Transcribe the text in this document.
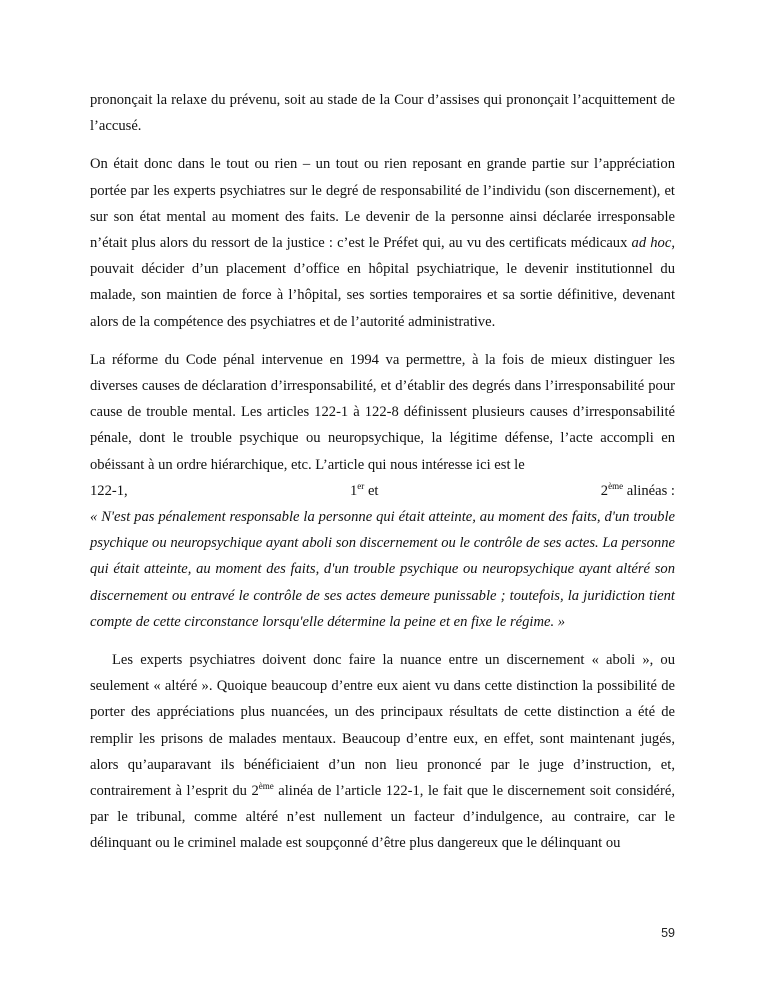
prononçait la relaxe du prévenu, soit au stade de la Cour d’assises qui prononçait l’acquittement de l’accusé.

On était donc dans le tout ou rien – un tout ou rien reposant en grande partie sur l’appréciation portée par les experts psychiatres sur le degré de responsabilité de l’individu (son discernement), et sur son état mental au moment des faits. Le devenir de la personne ainsi déclarée irresponsable n’était plus alors du ressort de la justice : c’est le Préfet qui, au vu des certificats médicaux ad hoc, pouvait décider d’un placement d’office en hôpital psychiatrique, le devenir institutionnel du malade, son maintien de force à l’hôpital, ses sorties temporaires et sa sortie définitive, devenant alors de la compétence des psychiatres et de l’autorité administrative.

La réforme du Code pénal intervenue en 1994 va permettre, à la fois de mieux distinguer les diverses causes de déclaration d’irresponsabilité, et d’établir des degrés dans l’irresponsabilité pour cause de trouble mental. Les articles 122-1 à 122-8 définissent plusieurs causes d’irresponsabilité pénale, dont le trouble psychique ou neuropsychique, la légitime défense, l’acte accompli en obéissant à un ordre hiérarchique, etc. L’article qui nous intéresse ici est le

122-1,	1er et	2ème alinéas :

« N'est pas pénalement responsable la personne qui était atteinte, au moment des faits, d'un trouble psychique ou neuropsychique ayant aboli son discernement ou le contrôle de ses actes. La personne qui était atteinte, au moment des faits, d'un trouble psychique ou neuropsychique ayant altéré son discernement ou entravé le contrôle de ses actes demeure punissable ; toutefois, la juridiction tient compte de cette circonstance lorsqu'elle détermine la peine et en fixe le régime. »

Les experts psychiatres doivent donc faire la nuance entre un discernement « aboli », ou seulement « altéré ». Quoique beaucoup d’entre eux aient vu dans cette distinction la possibilité de porter des appréciations plus nuancées, un des principaux résultats de cette distinction a été de remplir les prisons de malades mentaux. Beaucoup d’entre eux, en effet, sont maintenant jugés, alors qu’auparavant ils bénéficiaient d’un non lieu prononcé par le juge d’instruction, et, contrairement à l’esprit du 2ème alinéa de l’article 122-1, le fait que le discernement soit considéré, par le tribunal, comme altéré n’est nullement un facteur d’indulgence, au contraire, car le délinquant ou le criminel malade est soupçonné d’être plus dangereux que le délinquant ou

59
